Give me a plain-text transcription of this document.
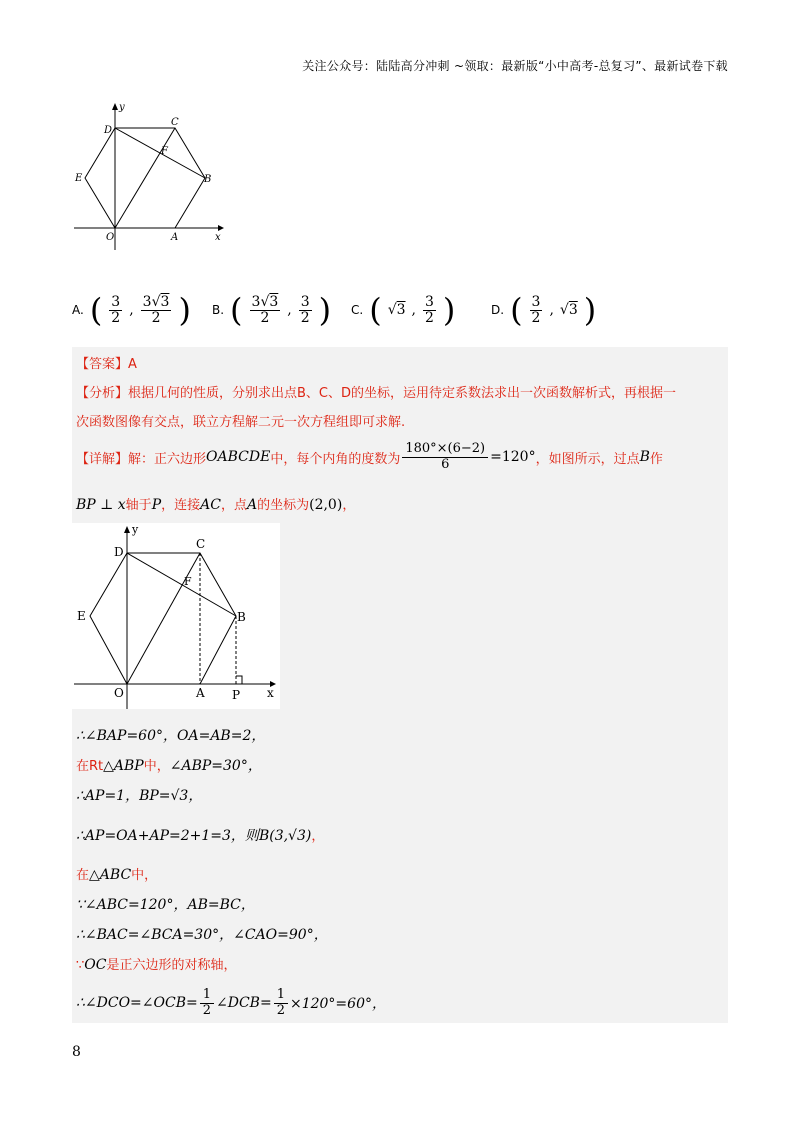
关注公众号：陆陆高分冲刺 ~领取：最新版“小中高考-总复习”、最新试卷下载
D
C
F
E	B
O	A	x
y
A. ( $\frac{3}{2}$ , $\frac{3√3}{2}$ ) B. ( $\frac{3√3}{2}$ , $\frac{3}{2}$ ) C. ( √3 , $\frac{3}{2}$ )	D. ( $\frac{3}{2}$ , √3 )
【答案】A
【分析】根据几何的性质，分别求出点B、C、D的坐标，运用待定系数法求出一次函数解析式，再根据一
次函数图像有交点，联立方程解二元一次方程组即可求解.
【详解】 解：正六边形 OABCDE 中，每个内角的度数为 $\frac{180^\circ\times(6-2)}{6} =120^\circ$ ，如图所示，过点 B 作
BP ⊥ x轴于P，连接AC，点A的坐标为(2,0)，
D
C
F
E	B
O	A P x
y
∴∠BAP=60°，OA=AB=2，
在Rt△ABP中，∠ABP=30°，
∴AP=1，BP=√3，
∴AP=OA+AP=2+1=3，则B(3,√3)，
在△ABC中，
∵∠ABC=120°，AB=BC，
∴∠BAC=∠BCA=30°，∠CAO=90°，
∵OC是正六边形的对称轴，
∴∠DCO=∠OCB= $\frac{1}{2}$ ∠DCB= $\frac{1}{2} \times 120^\circ=60^\circ$，
8
